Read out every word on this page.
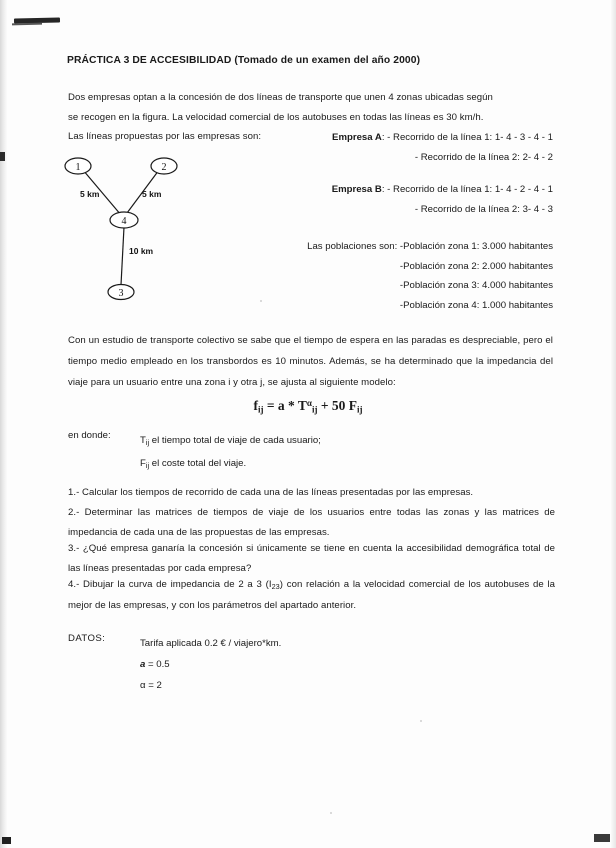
PRÁCTICA 3 DE ACCESIBILIDAD (Tomado de un examen del año 2000)
Dos empresas optan a la concesión de dos líneas de transporte que unen 4 zonas ubicadas según
se recogen en la figura. La velocidad comercial de los autobuses en todas las líneas es 30 km/h.
Las líneas propuestas por las empresas son:	Empresa A: - Recorrido de la línea 1: 1- 4 - 3 - 4 - 1
- Recorrido de la línea 2: 2- 4 - 2
Empresa B: - Recorrido de la línea 1: 1- 4 - 2 - 4 - 1
- Recorrido de la línea 2: 3- 4 - 3
Las poblaciones son: -Población zona 1: 3.000 habitantes
-Población zona 2: 2.000 habitantes
-Población zona 3: 4.000 habitantes
-Población zona 4: 1.000 habitantes
1	2
4
3
5 km	5 km
10 km
Con un estudio de transporte colectivo se sabe que el tiempo de espera en las paradas es despreciable, pero el tiempo medio empleado en los transbordos es 10 minutos. Además, se ha determinado que la impedancia del viaje para un usuario entre una zona i y otra j, se ajusta al siguiente modelo:
$f_{ij} = a * T^\alpha_{ij} + 50$ $F_{ij}$
en donde:	Tij el tiempo total de viaje de cada usuario;
Fij el coste total del viaje.
1.- Calcular los tiempos de recorrido de cada una de las líneas presentadas por las empresas.
2.- Determinar las matrices de tiempos de viaje de los usuarios entre todas las zonas y las matrices de impedancia de cada una de las propuestas de las empresas.
3.- ¿Qué empresa ganaría la concesión si únicamente se tiene en cuenta la accesibilidad demográfica total de las líneas presentadas por cada empresa?
4.- Dibujar la curva de impedancia de 2 a 3 (I23) con relación a la velocidad comercial de los autobuses de la mejor de las empresas, y con los parámetros del apartado anterior.
DATOS:	Tarifa aplicada 0.2 € / viajero*km.
a = 0.5
α = 2
